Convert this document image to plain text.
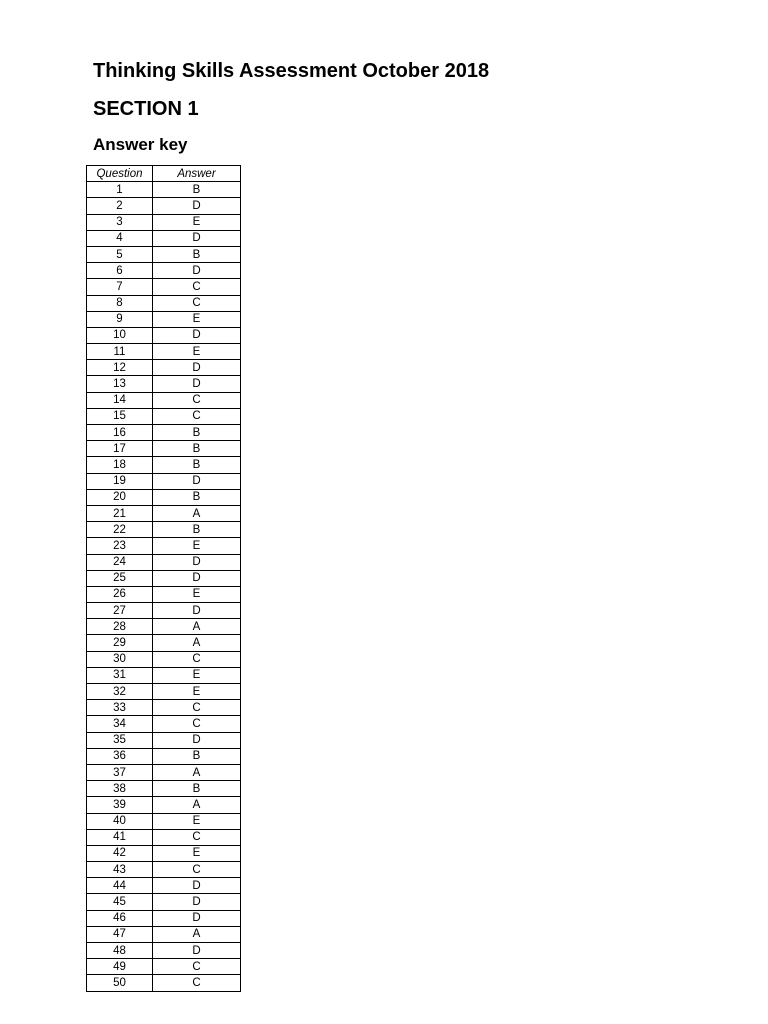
Thinking Skills Assessment October 2018
SECTION 1
Answer key
Question	Answer
1	B
2	D
3	E
4	D
5	B
6	D
7	C
8	C
9	E
10	D
11	E
12	D
13	D
14	C
15	C
16	B
17	B
18	B
19	D
20	B
21	A
22	B
23	E
24	D
25	D
26	E
27	D
28	A
29	A
30	C
31	E
32	E
33	C
34	C
35	D
36	B
37	A
38	B
39	A
40	E
41	C
42	E
43	C
44	D
45	D
46	D
47	A
48	D
49	C
50	C
